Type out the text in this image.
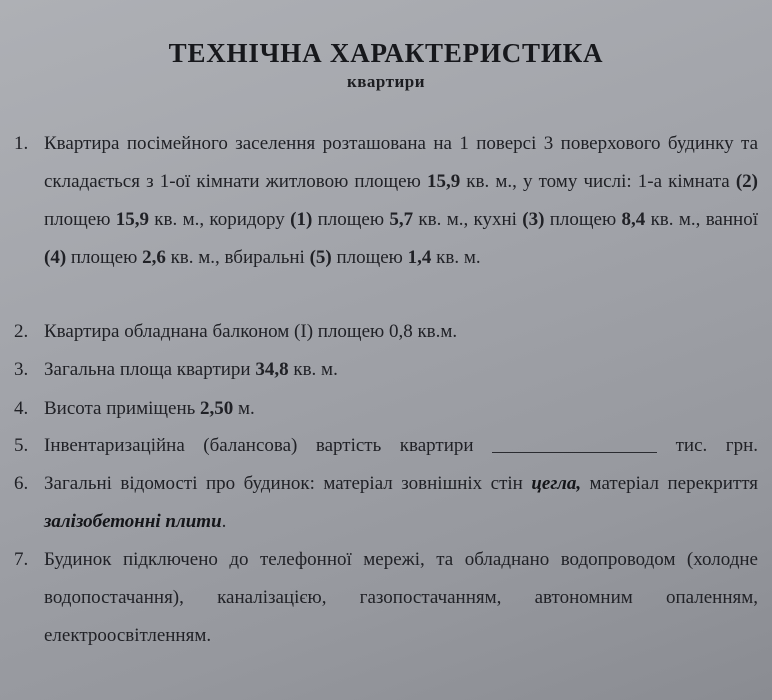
ТЕХНІЧНА ХАРАКТЕРИСТИКА
квартири
1. Квартира посімейного заселення розташована на 1 поверсі 3 поверхового будинку та складається з 1-ої кімнати житловою площею 15,9 кв. м., у тому числі: 1-а кімната (2) площею 15,9 кв. м., коридору (1) площею 5,7 кв. м., кухні (3) площею 8,4 кв. м., ванної (4) площею 2,6 кв. м., вбиральні (5) площею 1,4 кв. м.
2. Квартира обладнана балконом (І) площею 0,8 кв.м.
3. Загальна площа квартири 34,8 кв. м.
4. Висота приміщень 2,50 м.
5. Інвентаризаційна (балансова) вартість квартири	тис. грн.
6. Загальні відомості про будинок: матеріал зовнішніх стін цегла, матеріал перекриття залізобетонні плити.
7. Будинок підключено до телефонної мережі, та обладнано водопроводом (холодне водопостачання), каналізацією, газопостачанням, автономним опаленням, електроосвітленням.
